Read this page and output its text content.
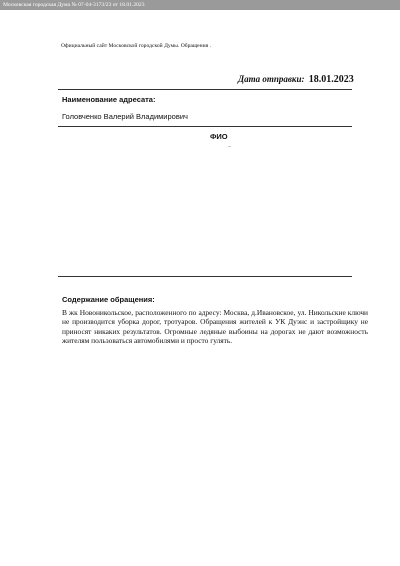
Московская городская Дума № 07-04-3173/23 от 18.01.2023
Официальный сайт Московской городской Думы. Обращения .
Дата отправки: 18.01.2023
Наименование адресата:
Головченко Валерий Владимирович
ФИО
Содержание обращения:
В жк Новоникольское, расположенного по адресу: Москва, д.Ивановское, ул. Никольские ключи не производится уборка дорог, тротуаров. Обращения жителей к УК Дуэнс и застройщику не приносят никаких результатов. Огромные ледяные выбоины на дорогах не дают возможность жителям пользоваться автомобилями и просто гулять.
